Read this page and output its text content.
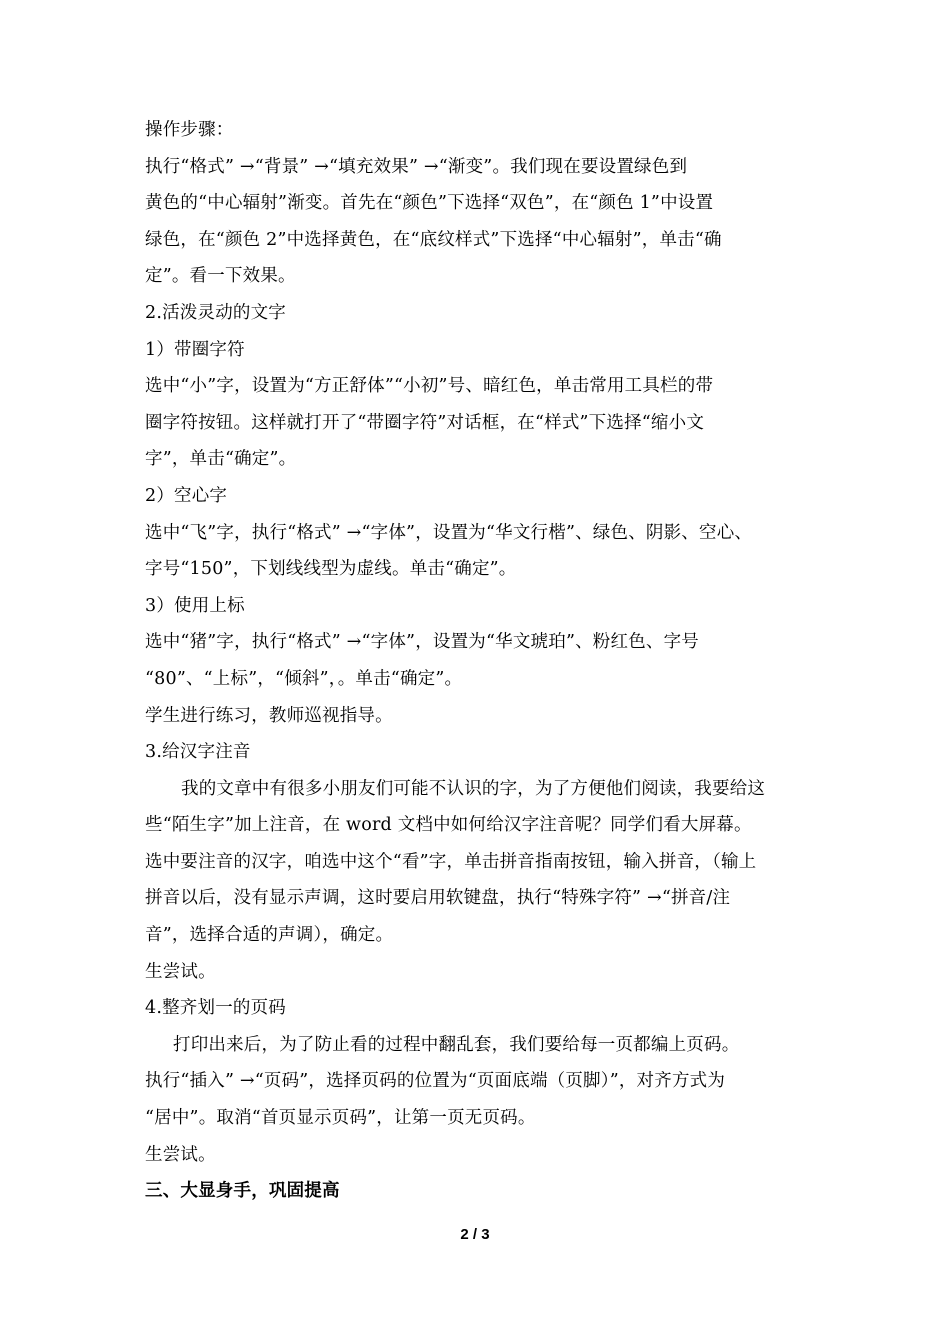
操作步骤：
执行“格式” →“背景” →“填充效果” →“渐变”。我们现在要设置绿色到
黄色的“中心辐射”渐变。首先在“颜色”下选择“双色”，在“颜色 1”中设置
绿色，在“颜色 2”中选择黄色，在“底纹样式”下选择“中心辐射”，单击“确
定”。看一下效果。
2.活泼灵动的文字
1）带圈字符
选中“小”字，设置为“方正舒体”“小初”号、暗红色，单击常用工具栏的带
圈字符按钮。这样就打开了“带圈字符”对话框，在“样式”下选择“缩小文
字”，单击“确定”。
2）空心字
选中“飞”字，执行“格式” →“字体”，设置为“华文行楷”、绿色、阴影、空心、
字号“150”，下划线线型为虚线。单击“确定”。
3）使用上标
选中“猪”字，执行“格式” →“字体”，设置为“华文琥珀”、粉红色、字号
“80”、“上标”，“倾斜”，。单击“确定”。
学生进行练习，教师巡视指导。
3.给汉字注音
我的文章中有很多小朋友们可能不认识的字，为了方便他们阅读，我要给这
些“陌生字”加上注音，在 word 文档中如何给汉字注音呢？同学们看大屏幕。
选中要注音的汉字，咱选中这个“看”字，单击拼音指南按钮，输入拼音，（输上
拼音以后，没有显示声调，这时要启用软键盘，执行“特殊字符” →“拼音/注
音”，选择合适的声调），确定。
生尝试。
4.整齐划一的页码
打印出来后，为了防止看的过程中翻乱套，我们要给每一页都编上页码。
执行“插入” →“页码”，选择页码的位置为“页面底端（页脚）”，对齐方式为
“居中”。取消“首页显示页码”，让第一页无页码。
生尝试。
三、大显身手，巩固提高
2 / 3
